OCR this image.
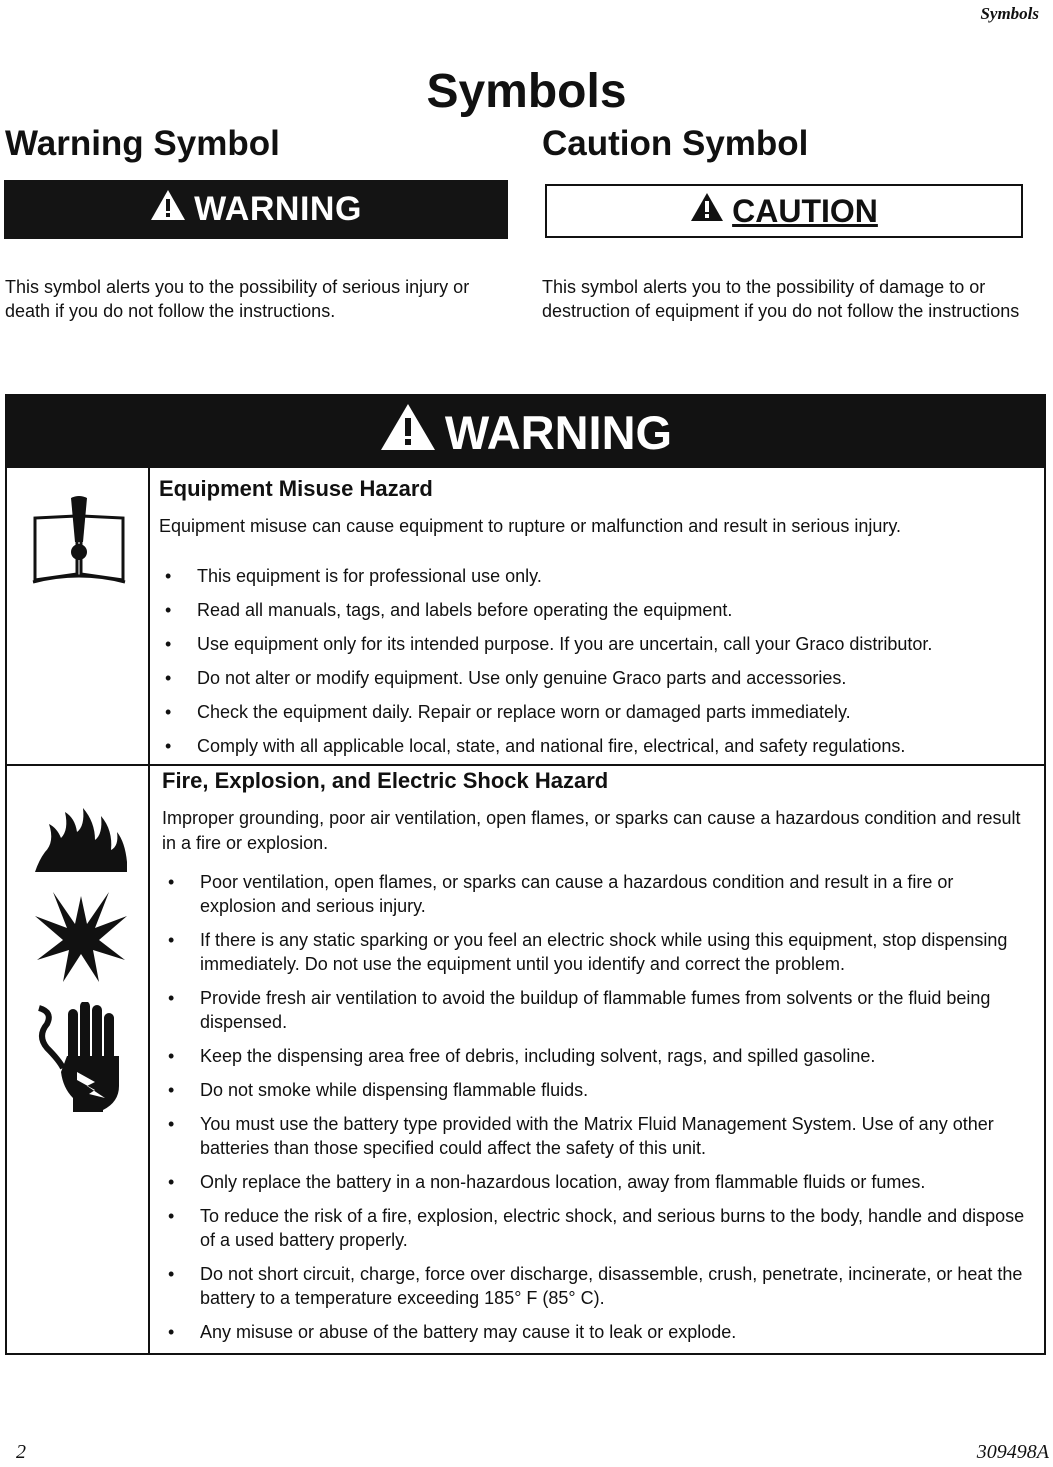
Symbols
Symbols
Warning Symbol	Caution Symbol
WARNING	CAUTION

This symbol alerts you to the possibility of serious injury or death if you do not follow the instructions.

This symbol alerts you to the possibility of damage to or destruction of equipment if you do not follow the instructions

WARNING
Equipment Misuse Hazard

Equipment misuse can cause equipment to rupture or malfunction and result in serious injury.

• This equipment is for professional use only.
• Read all manuals, tags, and labels before operating the equipment.
• Use equipment only for its intended purpose. If you are uncertain, call your Graco distributor.
• Do not alter or modify equipment. Use only genuine Graco parts and accessories.
• Check the equipment daily. Repair or replace worn or damaged parts immediately.
• Comply with all applicable local, state, and national fire, electrical, and safety regulations.
Fire, Explosion, and Electric Shock Hazard

Improper grounding, poor air ventilation, open flames, or sparks can cause a hazardous condition and result in a fire or explosion.

• Poor ventilation, open flames, or sparks can cause a hazardous condition and result in a fire or explosion and serious injury.
• If there is any static sparking or you feel an electric shock while using this equipment, stop dispensing immediately. Do not use the equipment until you identify and correct the problem.
• Provide fresh air ventilation to avoid the buildup of flammable fumes from solvents or the fluid being dispensed.
• Keep the dispensing area free of debris, including solvent, rags, and spilled gasoline.
• Do not smoke while dispensing flammable fluids.
• You must use the battery type provided with the Matrix Fluid Management System. Use of any other batteries than those specified could affect the safety of this unit.
• Only replace the battery in a non-hazardous location, away from flammable fluids or fumes.
• To reduce the risk of a fire, explosion, electric shock, and serious burns to the body, handle and dispose of a used battery properly.
• Do not short circuit, charge, force over discharge, disassemble, crush, penetrate, incinerate, or heat the battery to a temperature exceeding 185° F (85° C).
• Any misuse or abuse of the battery may cause it to leak or explode.
2	309498A
